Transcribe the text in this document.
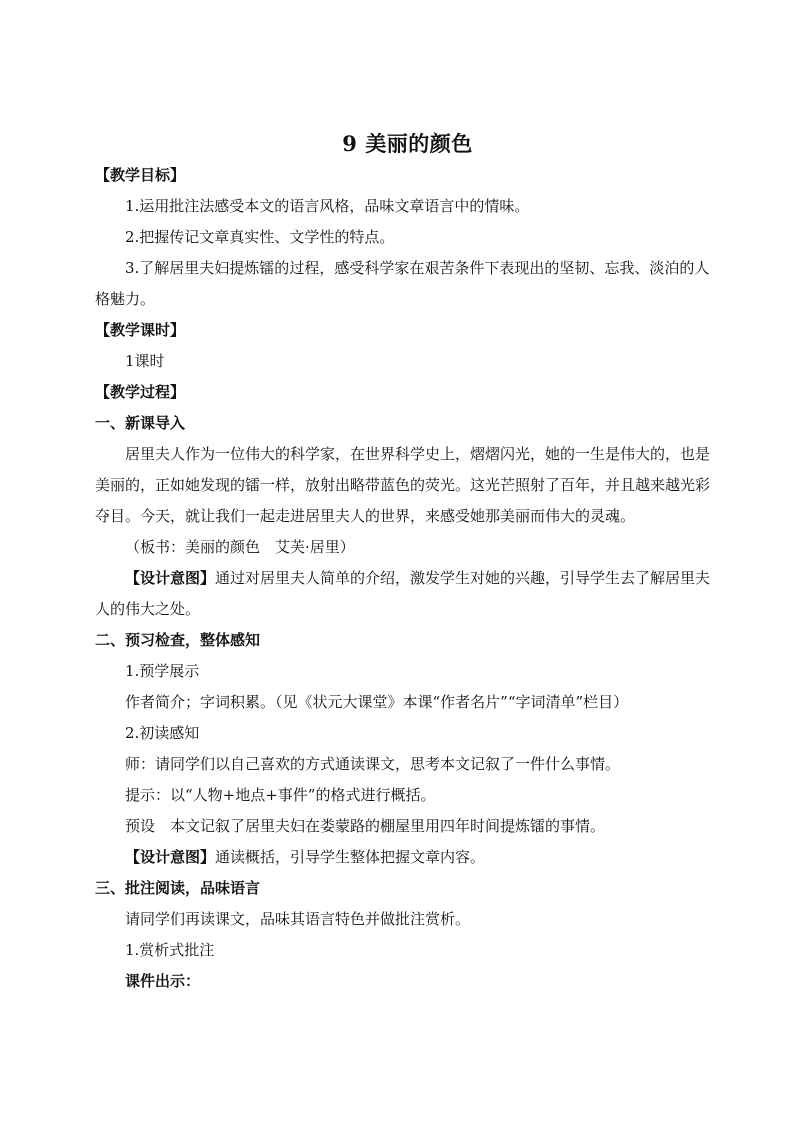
9 美丽的颜色

【教学目标】

1.运用批注法感受本文的语言风格，品味文章语言中的情味。

2.把握传记文章真实性、文学性的特点。

3.了解居里夫妇提炼镭的过程，感受科学家在艰苦条件下表现出的坚韧、忘我、淡泊的人格魅力。

【教学课时】

1课时

【教学过程】

一、新课导入

居里夫人作为一位伟大的科学家，在世界科学史上，熠熠闪光，她的一生是伟大的，也是美丽的，正如她发现的镭一样，放射出略带蓝色的荧光。这光芒照射了百年，并且越来越光彩夺目。今天，就让我们一起走进居里夫人的世界，来感受她那美丽而伟大的灵魂。

（板书：美丽的颜色　艾芙·居里）

【设计意图】通过对居里夫人简单的介绍，激发学生对她的兴趣，引导学生去了解居里夫人的伟大之处。

二、预习检查，整体感知

1.预学展示

作者简介；字词积累。（见《状元大课堂》本课“作者名片”“字词清单”栏目）

2.初读感知

师：请同学们以自己喜欢的方式通读课文，思考本文记叙了一件什么事情。

提示：以“人物+地点+事件”的格式进行概括。

预设　本文记叙了居里夫妇在娄蒙路的棚屋里用四年时间提炼镭的事情。

【设计意图】通读概括，引导学生整体把握文章内容。

三、批注阅读，品味语言

请同学们再读课文，品味其语言特色并做批注赏析。

1.赏析式批注

课件出示：
